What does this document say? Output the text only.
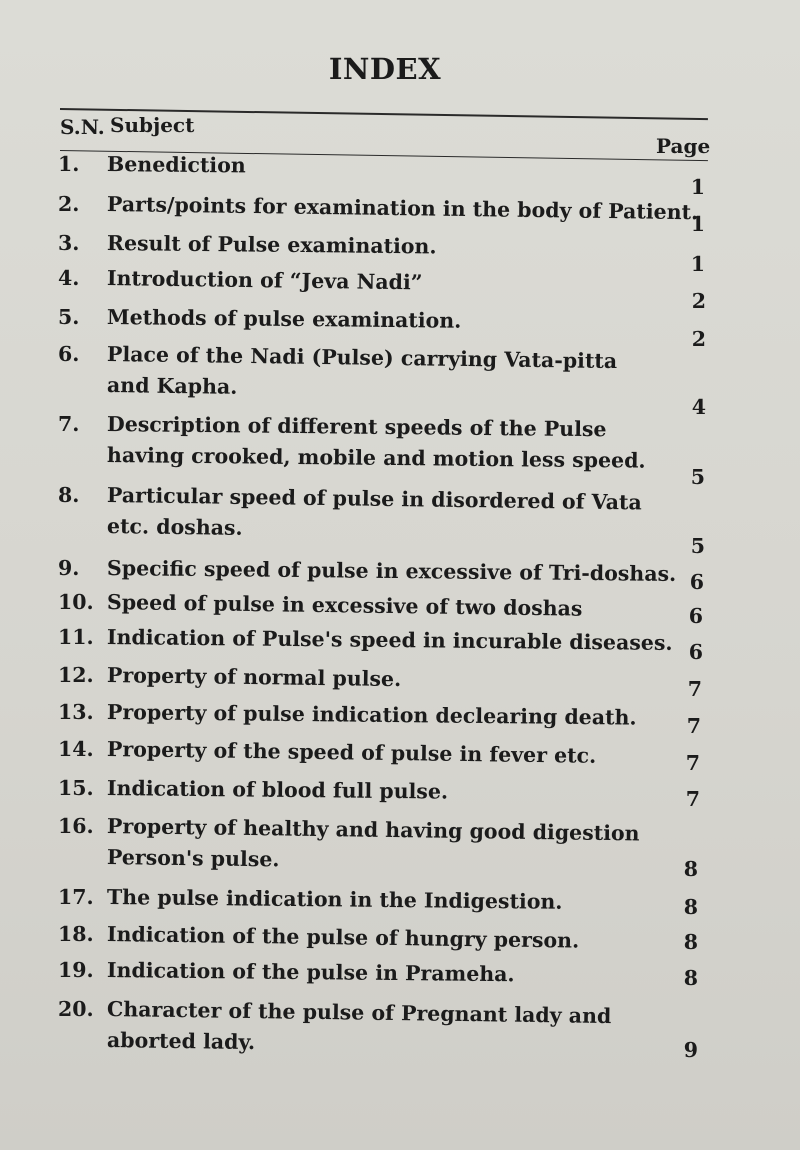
INDEX
S.N. Subject
Page
1. Benediction
1
2. Parts/points for examination in the body of Patient.
1
3. Result of Pulse examination.
1
4. Introduction of “Jeva Nadi”
2
5. Methods of pulse examination.
2
6. Place of the Nadi (Pulse) carrying Vata-pitta
and Kapha.
4
7. Description of different speeds of the Pulse
having crooked, mobile and motion less speed.
5
8. Particular speed of pulse in disordered of Vata
etc. doshas.
5
9. Specific speed of pulse in excessive of Tri-doshas. 6
10. Speed of pulse in excessive of two doshas	6
11. Indication of Pulse's speed in incurable diseases. 6
12. Property of normal pulse.	7
13. Property of pulse indication declearing death.	7
14. Property of the speed of pulse in fever etc.	7
15. Indication of blood full pulse.	7
16. Property of healthy and having good digestion
Person's pulse.	8
17. The pulse indication in the Indigestion.	8
18. Indication of the pulse of hungry person.	8
19. Indication of the pulse in Prameha.	8
20. Character of the pulse of Pregnant lady and
aborted lady.	9
